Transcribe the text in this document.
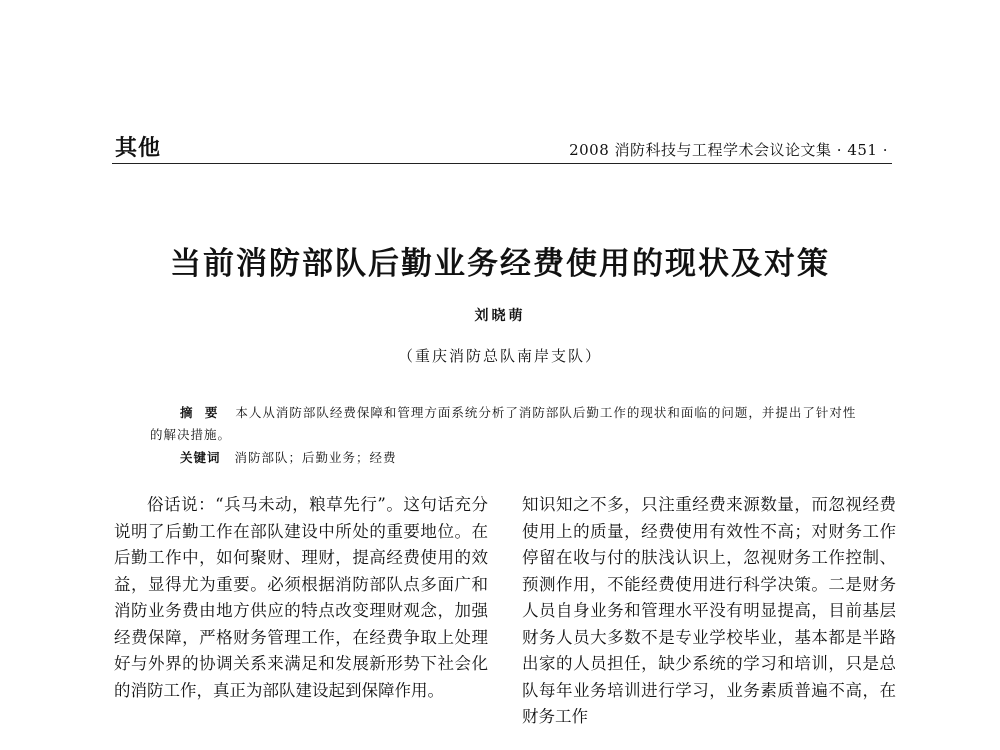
其他	2008 消防科技与工程学术会议论文集 · 451 ·
当前消防部队后勤业务经费使用的现状及对策
刘晓萌
（重庆消防总队南岸支队）
摘 要 本人从消防部队经费保障和管理方面系统分析了消防部队后勤工作的现状和面临的问题，并提出了针对性的解决措施。
关键词 消防部队；后勤业务；经费

俗话说：“兵马未动，粮草先行”。这句话充分说明了后勤工作在部队建设中所处的重要地位。在后勤工作中，如何聚财、理财，提高经费使用的效益，显得尤为重要。必须根据消防部队点多面广和消防业务费由地方供应的特点改变理财观念，加强经费保障，严格财务管理工作，在经费争取上处理好与外界的协调关系来满足和发展新形势下社会化的消防工作，真正为部队建设起到保障作用。

知识知之不多，只注重经费来源数量，而忽视经费使用上的质量，经费使用有效性不高；对财务工作停留在收与付的肤浅认识上，忽视财务工作控制、预测作用，不能经费使用进行科学决策。二是财务人员自身业务和管理水平没有明显提高，目前基层财务人员大多数不是专业学校毕业，基本都是半路出家的人员担任，缺少系统的学习和培训，只是总队每年业务培训进行学习，业务素质普遍不高，在财务工作
